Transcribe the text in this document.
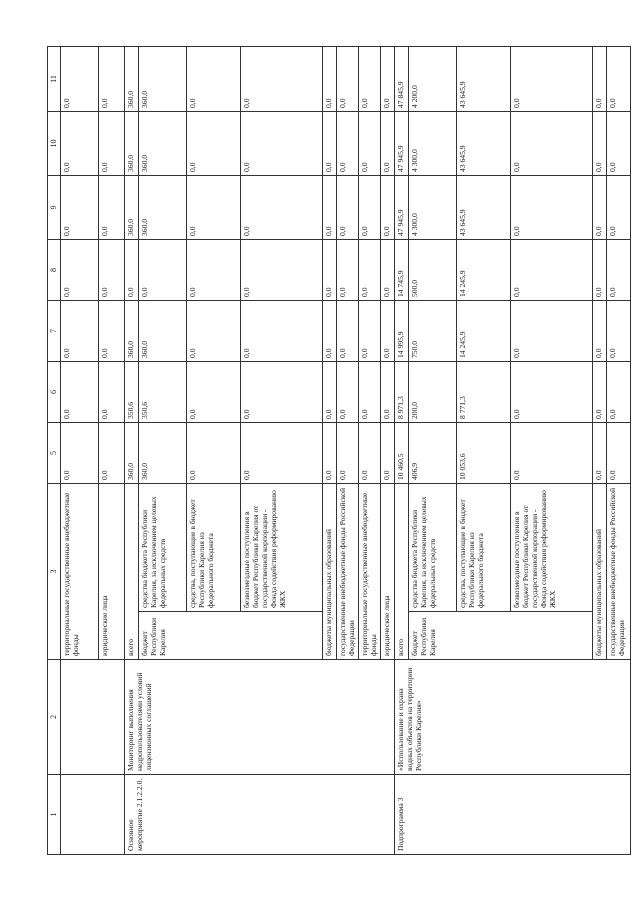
1	2	3		5	6	7	8	9	10	11
		территориальные государственные внебюджетные фонды		0,0	0,0	0,0	0,0	0,0	0,0	0,0
		юридические лица		0,0	0,0	0,0	0,0	0,0	0,0	0,0
Основное мероприятие 2.1.2.2.0.	Мониторинг выполнения недропользователями условий лицензионных соглашений	всего		360,0	350,6	360,0	0,0	360,0	360,0	360,0
		бюджет Республики Карелия	средства бюджета Республики Карелия, за исключением целевых федеральных средств	360,0	350,6	360,0	0,0	360,0	360,0	360,0
			средства, поступающие в бюджет Республики Карелия из федерального бюджета	0,0	0,0	0,0	0,0	0,0	0,0	0,0
			безвозмездные поступления в бюджет Республики Карелия от государственной корпорации - Фонда содействия реформированию ЖКХ	0,0	0,0	0,0	0,0	0,0	0,0	0,0
		бюджеты муниципальных образований		0,0	0,0	0,0	0,0	0,0	0,0	0,0
		государственные внебюджетные фонды Российской Федерации		0,0	0,0	0,0	0,0	0,0	0,0	0,0
		территориальные государственные внебюджетные фонды		0,0	0,0	0,0	0,0	0,0	0,0	0,0
		юридические лица		0,0	0,0	0,0	0,0	0,0	0,0	0,0
Подпрограмма 3	«Использование и охрана водных объектов на территории Республики Карелия»	всего		10 460,5	8 971,3	14 995,9	14 745,9	47 945,9	47 945,9	47 845,9
		бюджет Республики Карелия	средства бюджета Республики Карелия, за исключением целевых федеральных средств	406,9	200,0	750,0	500,0	4 300,0	4 300,0	4 200,0
			средства, поступающие в бюджет Республики Карелия из федерального бюджета	10 053,6	8 771,3	14 245,9	14 245,9	43 645,9	43 645,9	43 645,9
			безвозмездные поступления в бюджет Республики Карелия от государственной корпорации - Фонда содействия реформированию ЖКХ	0,0	0,0	0,0	0,0	0,0	0,0	0,0
		бюджеты муниципальных образований		0,0	0,0	0,0	0,0	0,0	0,0	0,0
		государственные внебюджетные фонды Российской Федерации		0,0	0,0	0,0	0,0	0,0	0,0	0,0
